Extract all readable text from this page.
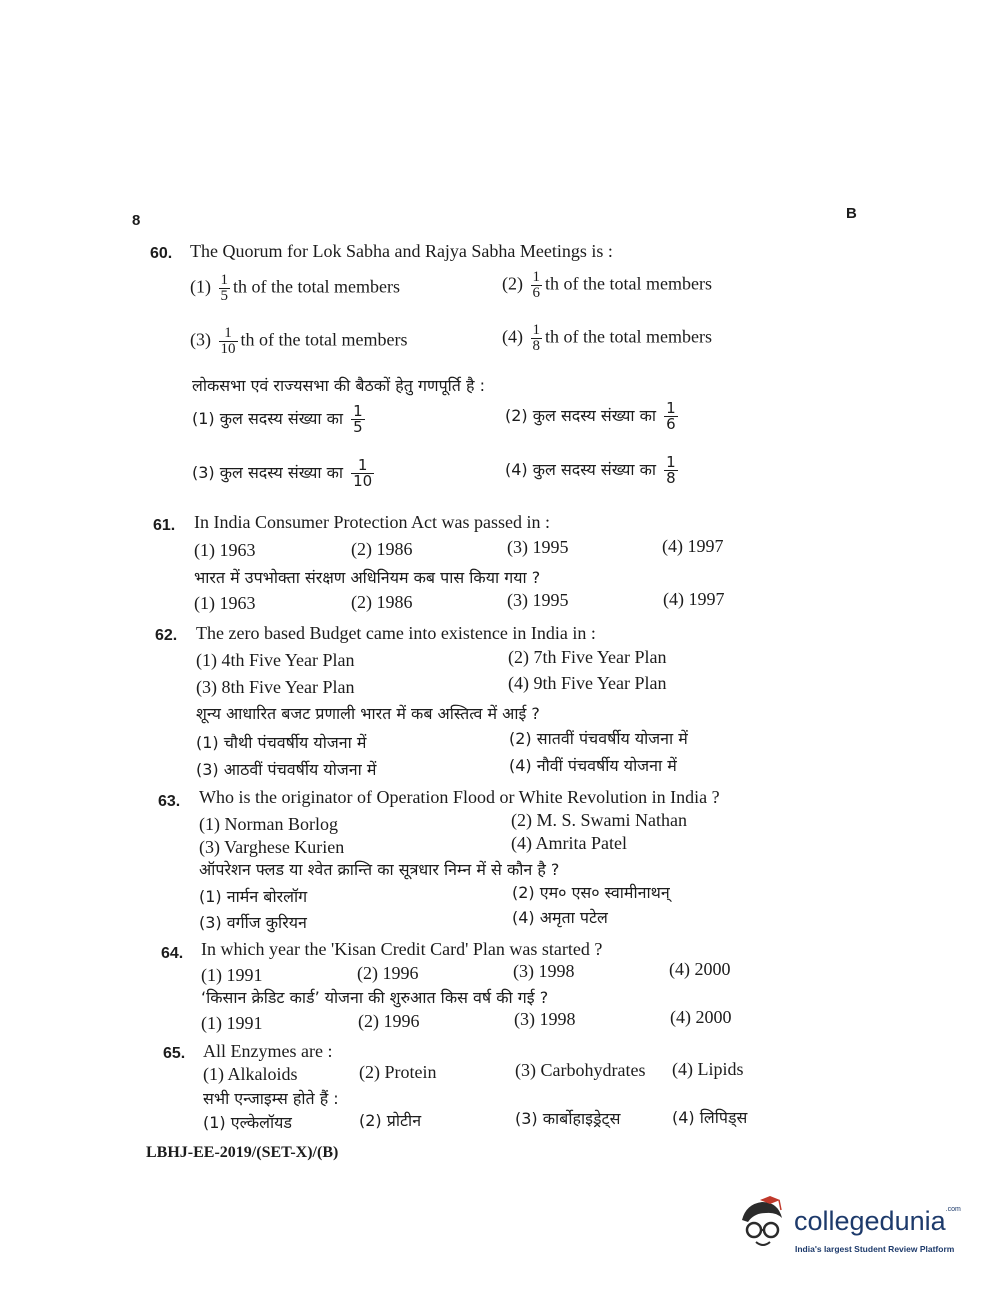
8	B
60. The Quorum for Lok Sabha and Rajya Sabha Meetings is :
$(1) \frac{1}{5}$ th of the total members	$(2) \frac{1}{6}$ th of the total members
$(3) \frac{1}{10}$ th of the total members	$(4) \frac{1}{8}$ th of the total members
लोकसभा एवं राज्यसभा की बैठकों हेतु गणपूर्ति है :
(1) कुल सदस्य संख्या का $\frac{1}{5}$	(2) कुल सदस्य संख्या का $\frac{1}{6}$
(3) कुल सदस्य संख्या का $\frac{1}{10}$	(4) कुल सदस्य संख्या का $\frac{1}{8}$
61. In India Consumer Protection Act was passed in :
(1) 1963	(2) 1986	(3) 1995	(4) 1997
भारत में उपभोक्ता संरक्षण अधिनियम कब पास किया गया ?
(1) 1963	(2) 1986	(3) 1995	(4) 1997
62. The zero based Budget came into existence in India in :
(1) 4th Five Year Plan	(2) 7th Five Year Plan
(3) 8th Five Year Plan	(4) 9th Five Year Plan
शून्य आधारित बजट प्रणाली भारत में कब अस्तित्व में आई ?
(1) चौथी पंचवर्षीय योजना में	(2) सातवीं पंचवर्षीय योजना में
(3) आठवीं पंचवर्षीय योजना में	(4) नौवीं पंचवर्षीय योजना में
63. Who is the originator of Operation Flood or White Revolution in India ?
(1) Norman Borlog	(2) M. S. Swami Nathan
(3) Varghese Kurien	(4) Amrita Patel
ऑपरेशन फ्लड या श्वेत क्रान्ति का सूत्रधार निम्न में से कौन है ?
(1) नार्मन बोरलॉग	(2) एम० एस० स्वामीनाथन्
(3) वर्गीज कुरियन	(4) अमृता पटेल
64. In which year the 'Kisan Credit Card' Plan was started ?
(1) 1991	(2) 1996	(3) 1998	(4) 2000
‘किसान क्रेडिट कार्ड’ योजना की शुरुआत किस वर्ष की गई ?
(1) 1991	(2) 1996	(3) 1998	(4) 2000
65. All Enzymes are :
(1) Alkaloids	(2) Protein	(3) Carbohydrates (4) Lipids
सभी एन्जाइम्स होते हैं :
(1) एल्केलॉयड	(2) प्रोटीन	(3) कार्बोहाइड्रेट्स	(4) लिपिड्स
LBHJ-EE-2019/(SET-X)/(B)
collegedunia$^{.com}$
India's largest Student Review Platform
